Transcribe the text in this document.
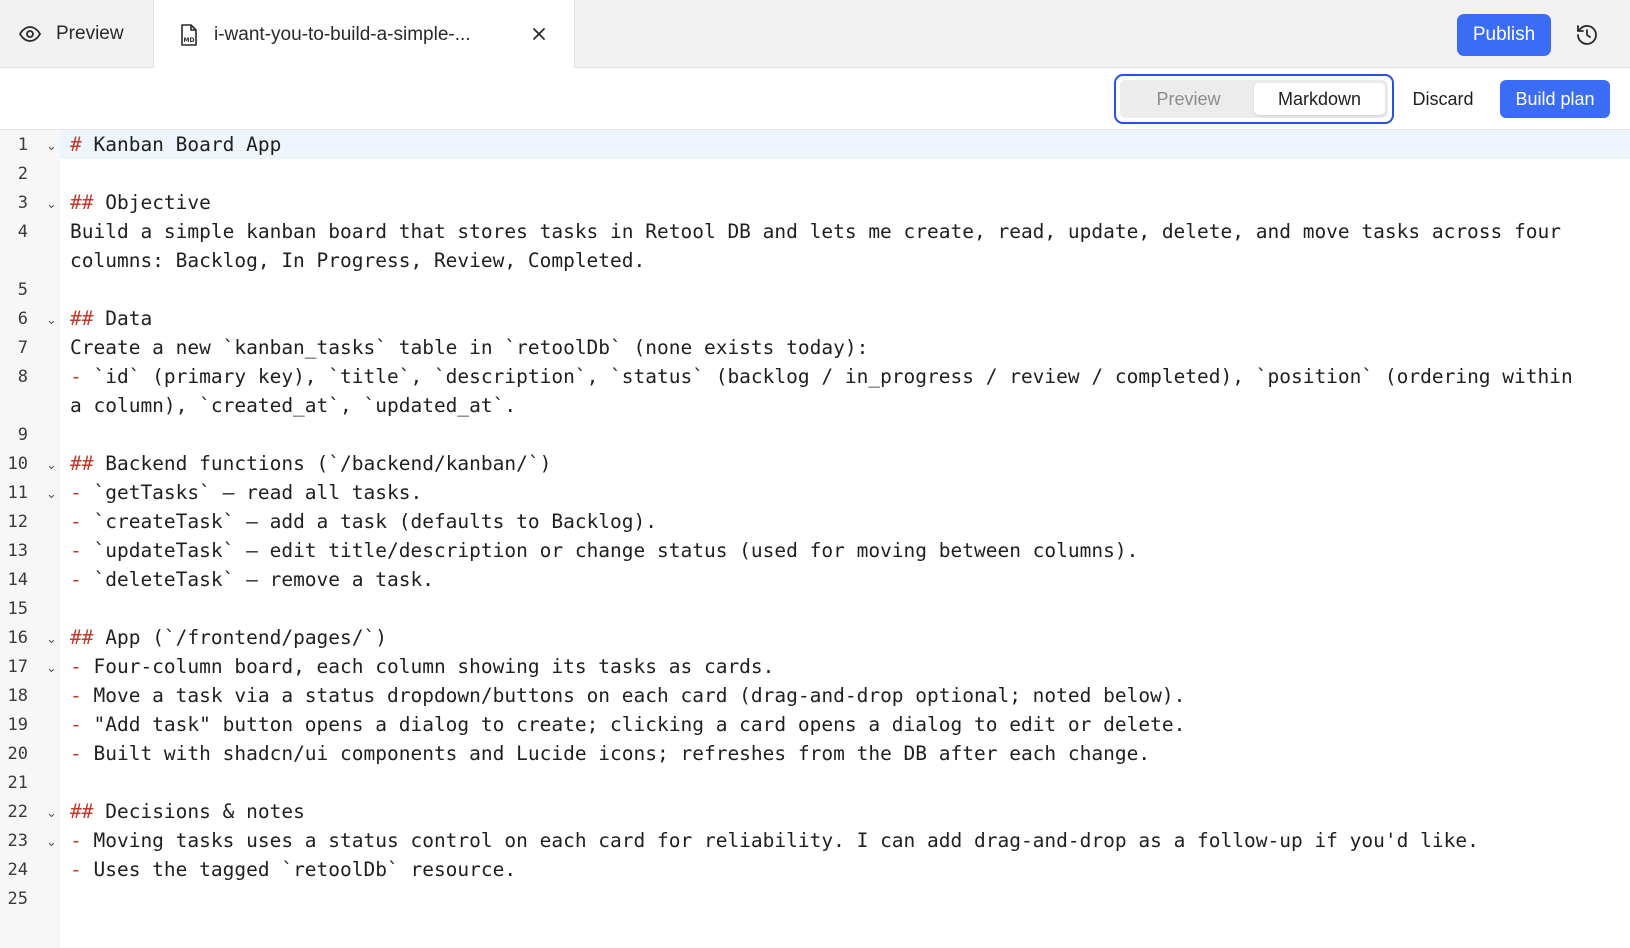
Preview	MD i-want-you-to-build-a-simple-...	Publish
Preview	Markdown	Discard	Build plan
1 ⌄ # Kanban Board App
2
3 ⌄ ## Objective
4	Build a simple kanban board that stores tasks in Retool DB and lets me create, read, update, delete, and move tasks across four columns: Backlog, In Progress, Review, Completed.
5
6 ⌄ ## Data
7	Create a new `kanban_tasks` table in `retoolDb` (none exists today):
8	- `id` (primary key), `title`, `description`, `status` (backlog / in_progress / review / completed), `position` (ordering within a column), `created_at`, `updated_at`.
9
10 ⌄ ## Backend functions (`/backend/kanban/`)
11 ⌄ - `getTasks` — read all tasks.
12	- `createTask` — add a task (defaults to Backlog).
13	- `updateTask` — edit title/description or change status (used for moving between columns).
14	- `deleteTask` — remove a task.
15
16 ⌄ ## App (`/frontend/pages/`)
17 ⌄ - Four-column board, each column showing its tasks as cards.
18	- Move a task via a status dropdown/buttons on each card (drag-and-drop optional; noted below).
19	- "Add task" button opens a dialog to create; clicking a card opens a dialog to edit or delete.
20	- Built with shadcn/ui components and Lucide icons; refreshes from the DB after each change.
21
22 ⌄ ## Decisions & notes
23 ⌄ - Moving tasks uses a status control on each card for reliability. I can add drag-and-drop as a follow-up if you'd like.
24	- Uses the tagged `retoolDb` resource.
25
